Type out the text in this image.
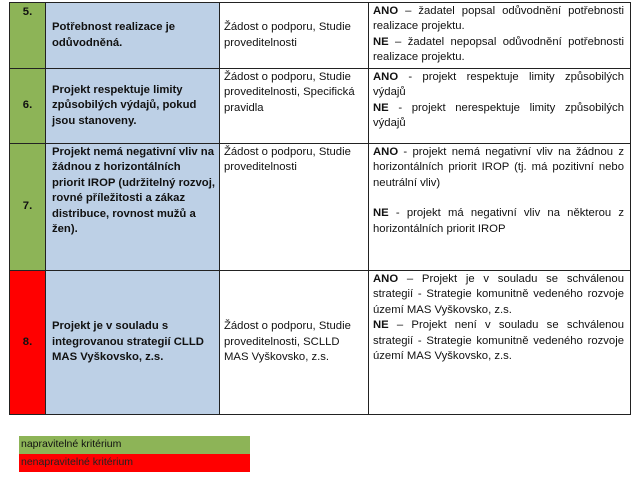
5.	Potřebnost realizace je odůvodněná.	Žádost o podporu, Studie proveditelnosti	ANO – žadatel popsal odůvodnění potřebnosti realizace projektu.
NE – žadatel nepopsal odůvodnění potřebnosti realizace projektu.
6.	Projekt respektuje limity způsobilých výdajů, pokud jsou stanoveny.	Žádost o podporu, Studie proveditelnosti, Specifická pravidla	ANO - projekt respektuje limity způsobilých výdajů
NE - projekt nerespektuje limity způsobilých výdajů
7.	Projekt nemá negativní vliv na žádnou z horizontálních priorit IROP (udržitelný rozvoj, rovné příležitosti a zákaz distribuce, rovnost mužů a žen).	Žádost o podporu, Studie proveditelnosti	ANO - projekt nemá negativní vliv na žádnou z horizontálních priorit IROP (tj. má pozitivní nebo neutrální vliv)
NE - projekt má negativní vliv na některou z horizontálních priorit IROP
8.	Projekt je v souladu s integrovanou strategií CLLD MAS Vyškovsko, z.s.	Žádost o podporu, Studie proveditelnosti, SCLLD MAS Vyškovsko, z.s.	ANO – Projekt je v souladu se schválenou strategií - Strategie komunitně vedeného rozvoje území MAS Vyškovsko, z.s.
NE – Projekt není v souladu se schválenou strategií - Strategie komunitně vedeného rozvoje území MAS Vyškovsko, z.s.
napravitelné kritérium
nenapravitelné kritérium
